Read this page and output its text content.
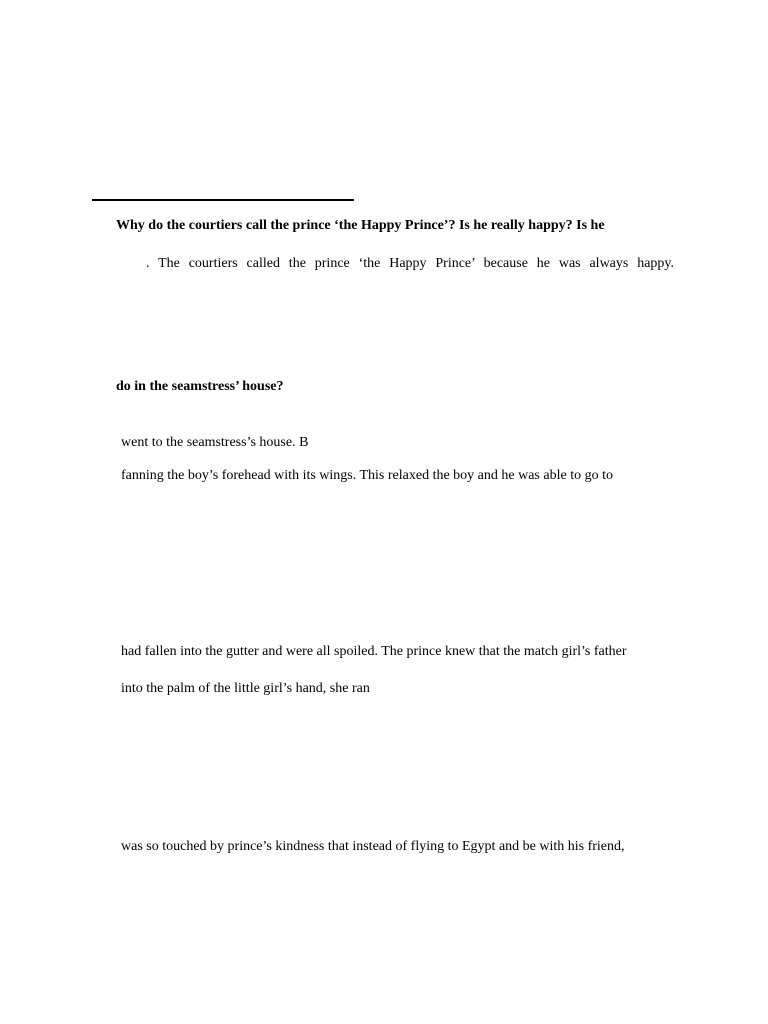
Why do the courtiers call the prince ‘the Happy Prince’? Is he really happy? Is he
. The courtiers called the prince ‘the Happy Prince’ because he was always happy.
do in the seamstress’ house?
went to the seamstress’s house. B
fanning the boy’s forehead with its wings. This relaxed the boy and he was able to go to
had fallen into the gutter and were all spoiled. The prince knew that the match girl’s father
into the palm of the little girl’s hand, she ran
was so touched by prince’s kindness that instead of flying to Egypt and be with his friend,
